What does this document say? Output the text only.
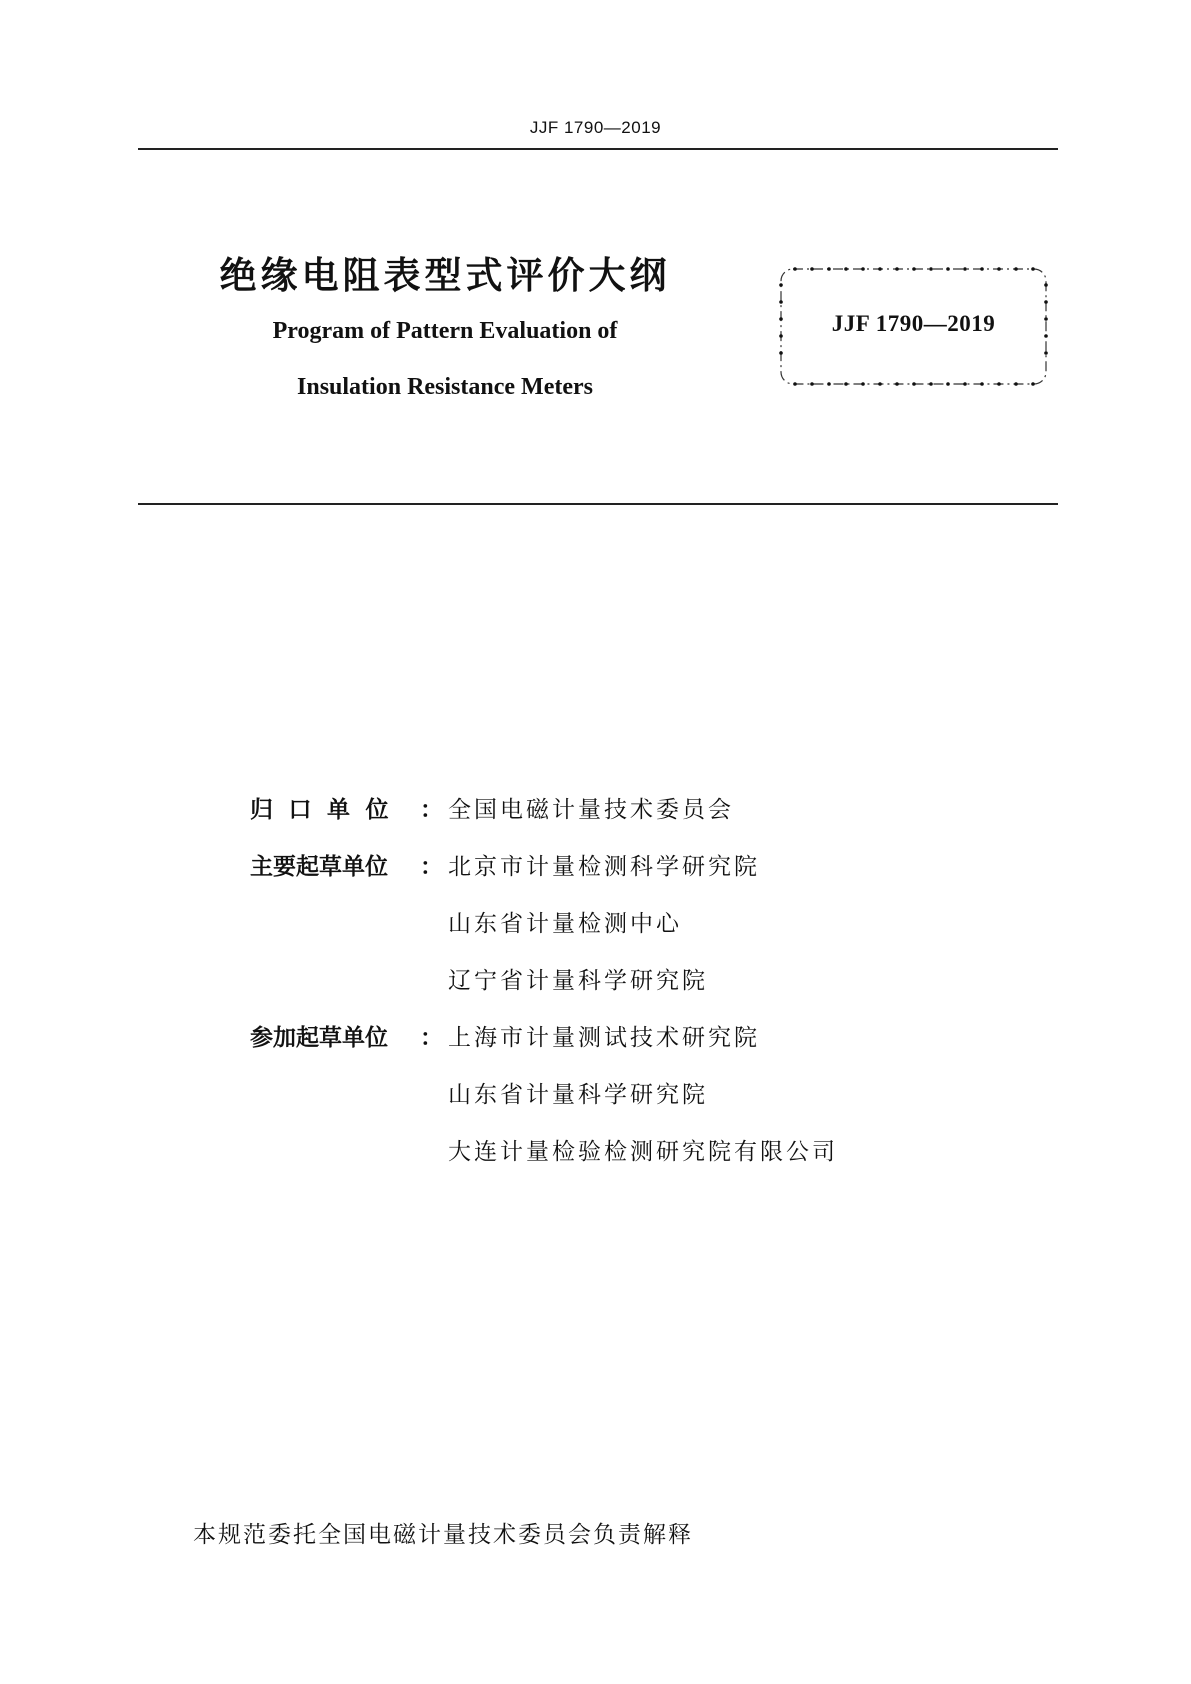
JJF 1790—2019
绝缘电阻表型式评价大纲
Program of Pattern Evaluation of
Insulation Resistance Meters
JJF 1790—2019
归口单位 ： 全国电磁计量技术委员会
主要起草单位	： 北京市计量检测科学研究院
山东省计量检测中心
辽宁省计量科学研究院
参加起草单位	： 上海市计量测试技术研究院
山东省计量科学研究院
大连计量检验检测研究院有限公司
本规范委托全国电磁计量技术委员会负责解释
